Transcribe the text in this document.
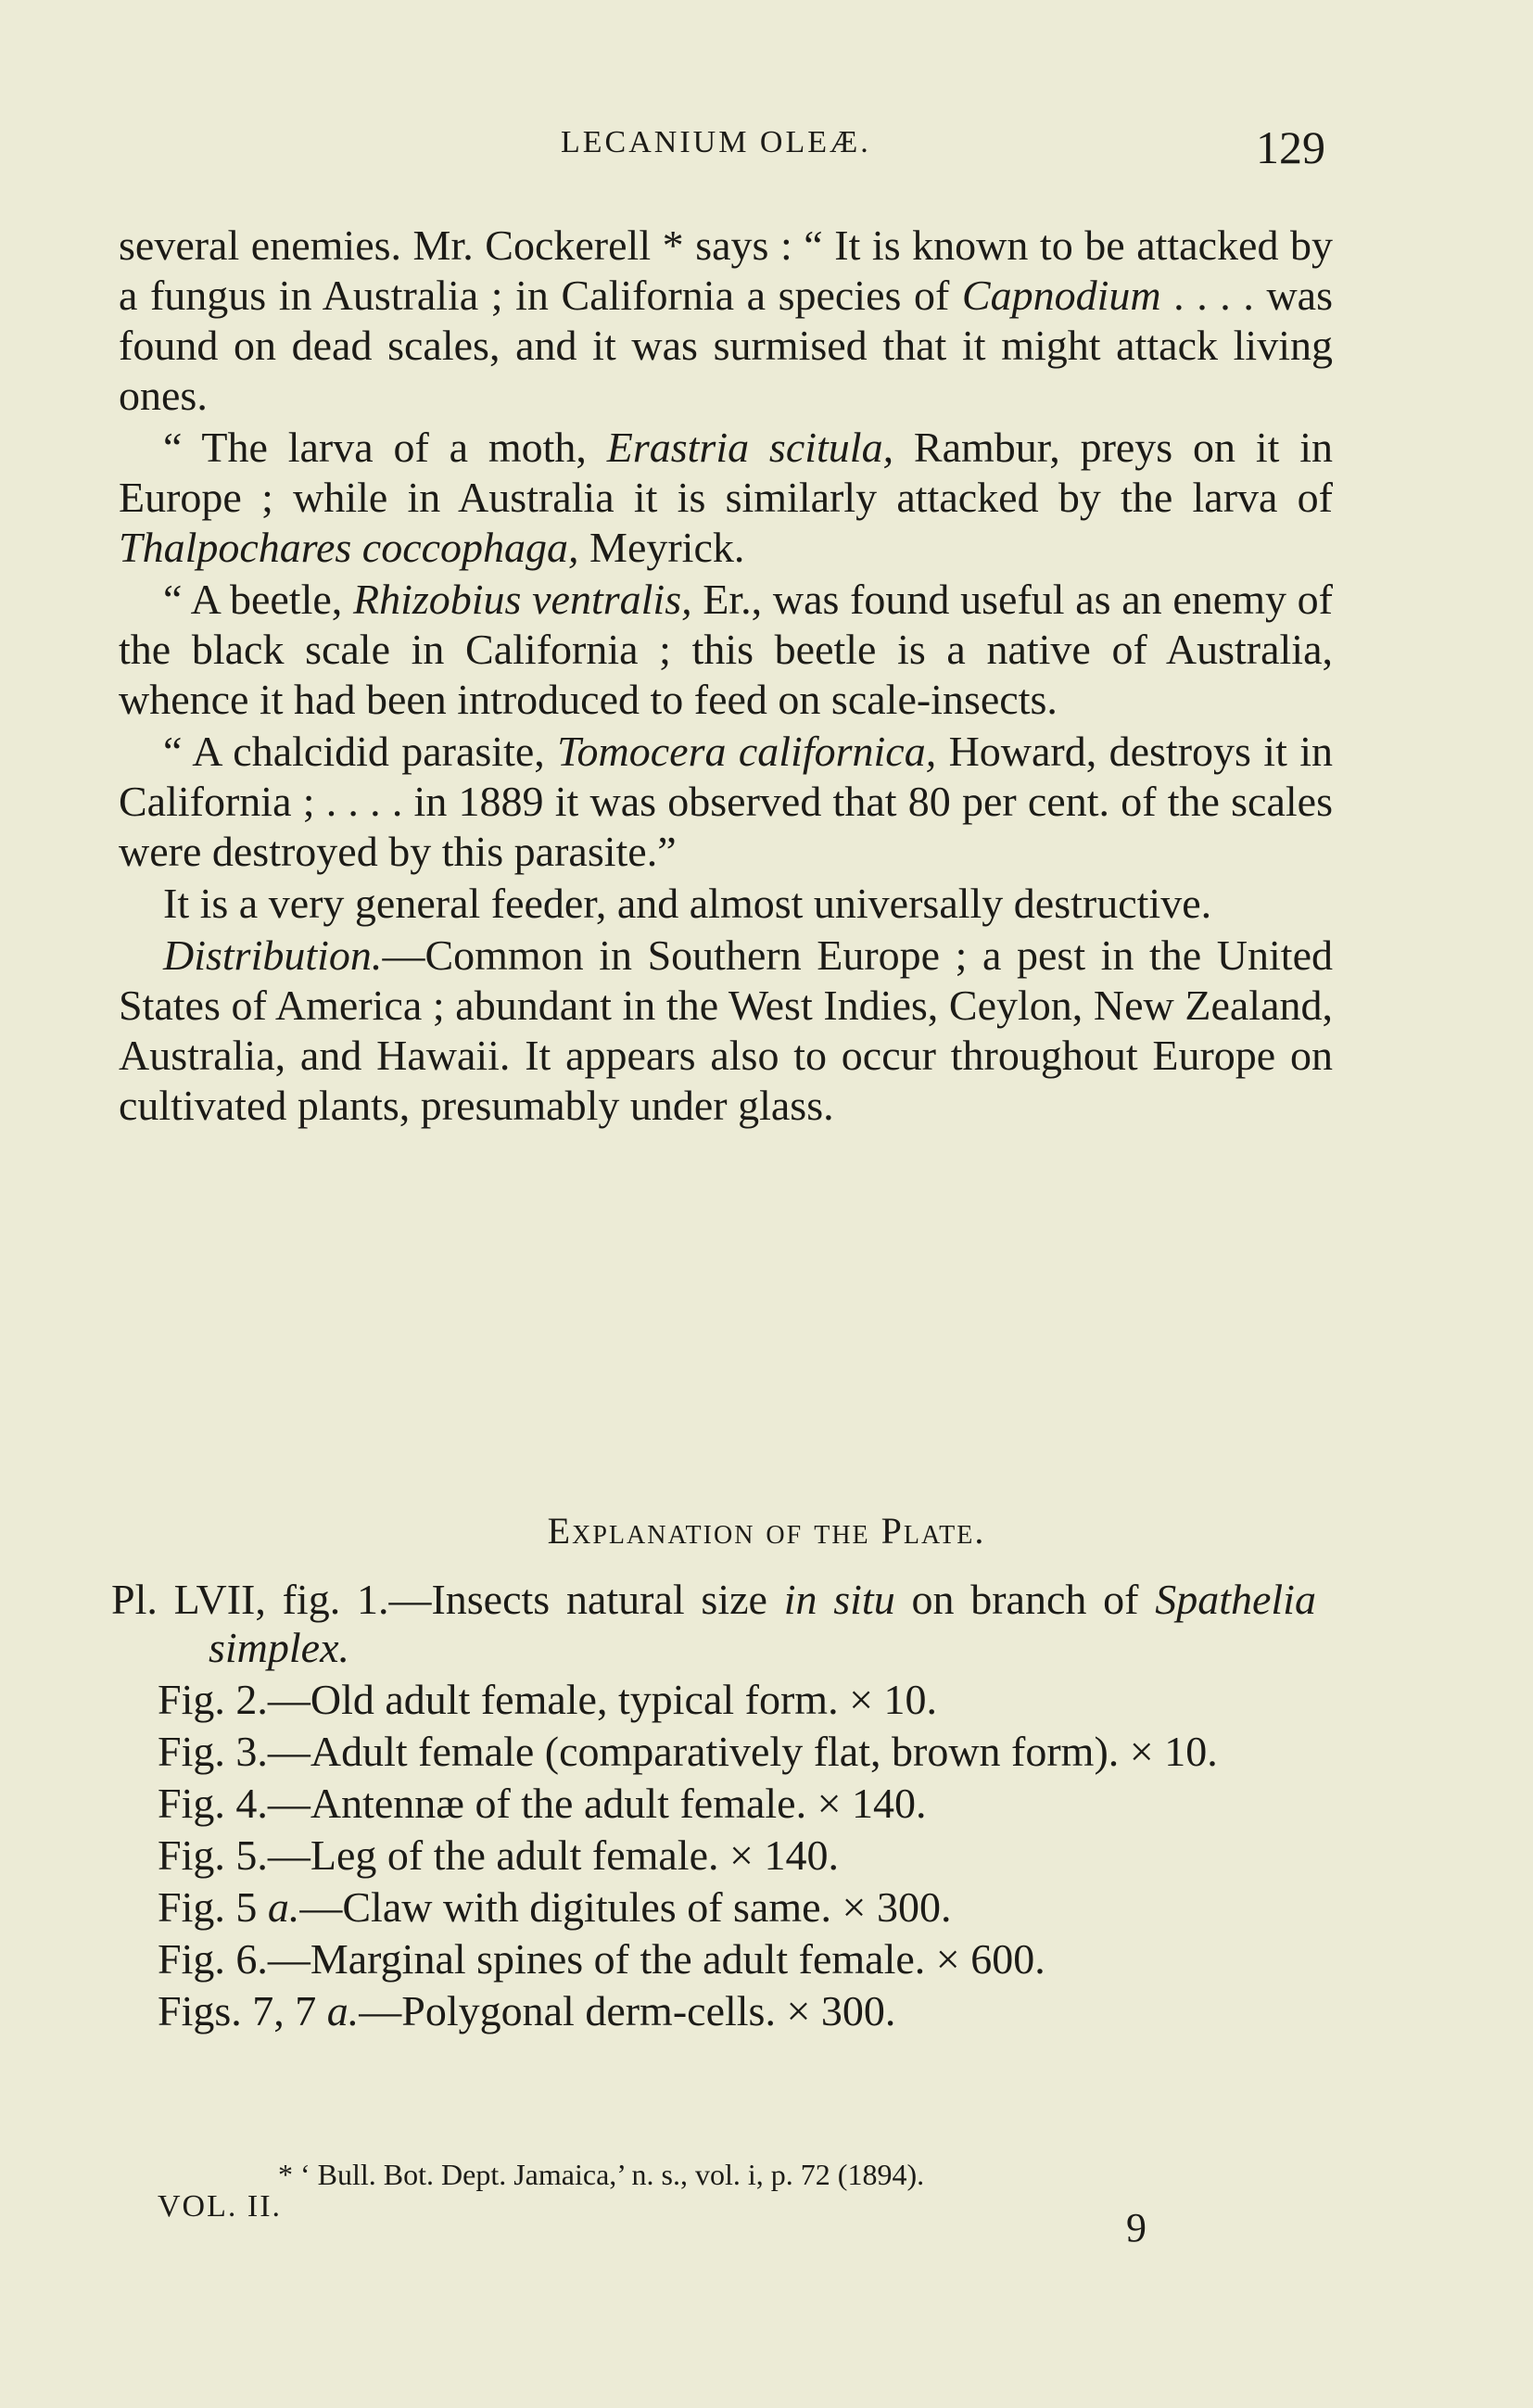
LECANIUM OLEÆ.	129

several enemies. Mr. Cockerell * says : “ It is known to be attacked by a fungus in Australia ; in California a species of Capnodium . . . . was found on dead scales, and it was surmised that it might attack living ones.

“ The larva of a moth, Erastria scitula, Rambur, preys on it in Europe ; while in Australia it is similarly attacked by the larva of Thalpochares coccophaga, Meyrick.

“ A beetle, Rhizobius ventralis, Er., was found useful as an enemy of the black scale in California ; this beetle is a native of Australia, whence it had been introduced to feed on scale-insects.

“ A chalcidid parasite, Tomocera californica, Howard, destroys it in California ; . . . . in 1889 it was observed that 80 per cent. of the scales were destroyed by this parasite.”

It is a very general feeder, and almost universally destructive.

Distribution.—Common in Southern Europe ; a pest in the United States of America ; abundant in the West Indies, Ceylon, New Zealand, Australia, and Hawaii. It appears also to occur throughout Europe on cultivated plants, presumably under glass.

Explanation of the Plate.

Pl. LVII, fig. 1.—Insects natural size in situ on branch of Spathelia simplex.

Fig. 2.—Old adult female, typical form. × 10.

Fig. 3.—Adult female (comparatively flat, brown form). × 10.

Fig. 4.—Antennæ of the adult female. × 140.

Fig. 5.—Leg of the adult female. × 140.

Fig. 5 a.—Claw with digitules of same. × 300.

Fig. 6.—Marginal spines of the adult female. × 600.

Figs. 7, 7 a.—Polygonal derm-cells. × 300.

* ‘ Bull. Bot. Dept. Jamaica,’ n. s., vol. i, p. 72 (1894).
VOL. II.	9
